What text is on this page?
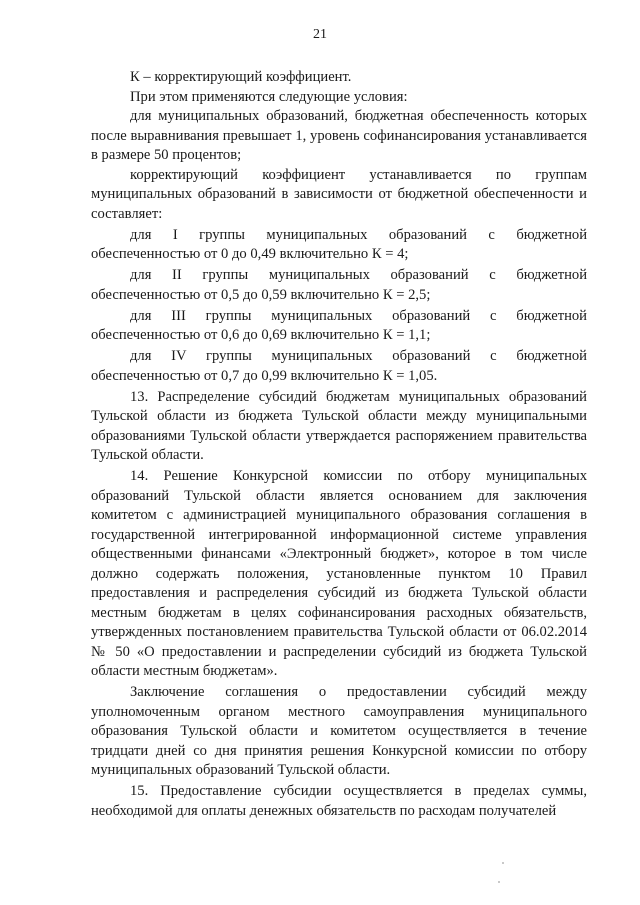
21

К – корректирующий коэффициент.

При этом применяются следующие условия:

для муниципальных образований, бюджетная обеспеченность которых после выравнивания превышает 1, уровень софинансирования устанавливается в размере 50 процентов;

корректирующий коэффициент устанавливается по группам муниципальных образований в зависимости от бюджетной обеспеченности и составляет:

для I группы муниципальных образований с бюджетной обеспеченностью от 0 до 0,49 включительно К = 4;

для II группы муниципальных образований с бюджетной обеспеченностью от 0,5 до 0,59 включительно К = 2,5;

для III группы муниципальных образований с бюджетной обеспеченностью от 0,6 до 0,69 включительно К = 1,1;

для IV группы муниципальных образований с бюджетной обеспеченностью от 0,7 до 0,99 включительно К = 1,05.

13. Распределение субсидий бюджетам муниципальных образований Тульской области из бюджета Тульской области между муниципальными образованиями Тульской области утверждается распоряжением правительства Тульской области.

14. Решение Конкурсной комиссии по отбору муниципальных образований Тульской области является основанием для заключения комитетом с администрацией муниципального образования соглашения в государственной интегрированной информационной системе управления общественными финансами «Электронный бюджет», которое в том числе должно содержать положения, установленные пунктом 10 Правил предоставления и распределения субсидий из бюджета Тульской области местным бюджетам в целях софинансирования расходных обязательств, утвержденных постановлением правительства Тульской области от 06.02.2014 № 50 «О предоставлении и распределении субсидий из бюджета Тульской области местным бюджетам».

Заключение соглашения о предоставлении субсидий между уполномоченным органом местного самоуправления муниципального образования Тульской области и комитетом осуществляется в течение тридцати дней со дня принятия решения Конкурсной комиссии по отбору муниципальных образований Тульской области.

15. Предоставление субсидии осуществляется в пределах суммы, необходимой для оплаты денежных обязательств по расходам получателей
